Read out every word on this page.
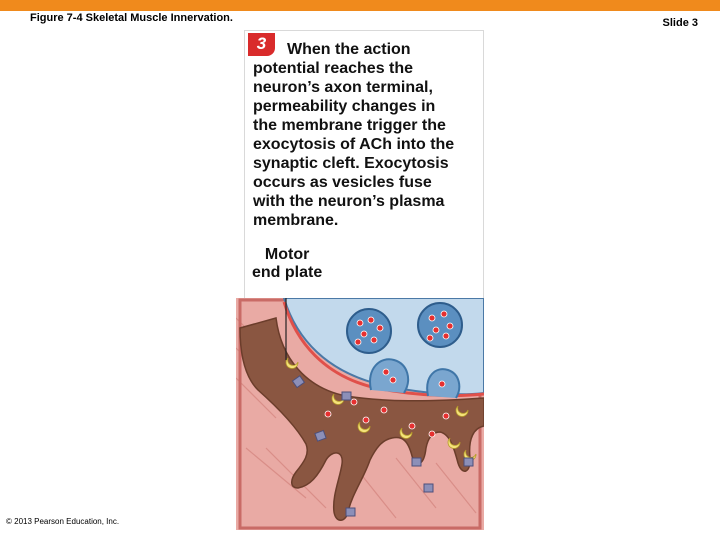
Figure 7-4 Skeletal Muscle Innervation.	Slide 3
3	When the action
potential reaches the
neuron’s axon terminal,
permeability changes in
the membrane trigger the
exocytosis of ACh into the
synaptic cleft. Exocytosis
occurs as vesicles fuse
with the neuron’s plasma
membrane.

Motor
end plate
© 2013 Pearson Education, Inc.
